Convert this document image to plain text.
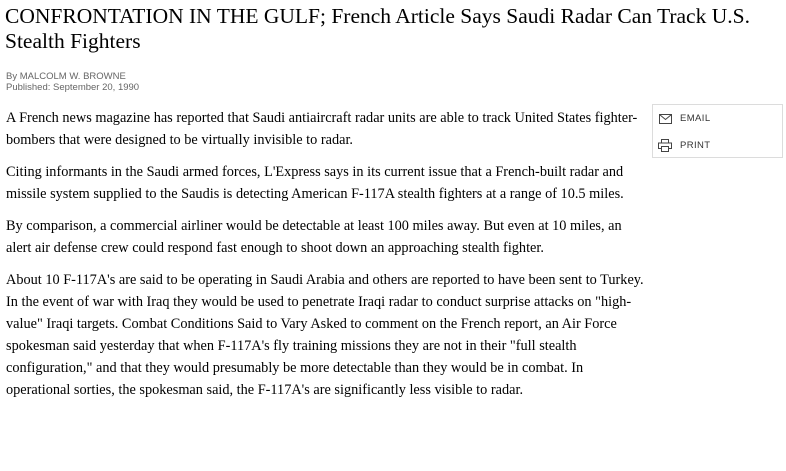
CONFRONTATION IN THE GULF; French Article Says Saudi Radar Can Track U.S. Stealth Fighters
By MALCOLM W. BROWNE
Published: September 20, 1990

A French news magazine has reported that Saudi antiaircraft radar units are able to track United States fighter-bombers that were designed to be virtually invisible to radar.

Citing informants in the Saudi armed forces, L'Express says in its current issue that a French-built radar and missile system supplied to the Saudis is detecting American F-117A stealth fighters at a range of 10.5 miles.

By comparison, a commercial airliner would be detectable at least 100 miles away. But even at 10 miles, an alert air defense crew could respond fast enough to shoot down an approaching stealth fighter.

About 10 F-117A's are said to be operating in Saudi Arabia and others are reported to have been sent to Turkey. In the event of war with Iraq they would be used to penetrate Iraqi radar to conduct surprise attacks on "high-value" Iraqi targets. Combat Conditions Said to Vary Asked to comment on the French report, an Air Force spokesman said yesterday that when F-117A's fly training missions they are not in their "full stealth configuration," and that they would presumably be more detectable than they would be in combat. In operational sorties, the spokesman said, the F-117A's are significantly less visible to radar.

EMAIL
PRINT
